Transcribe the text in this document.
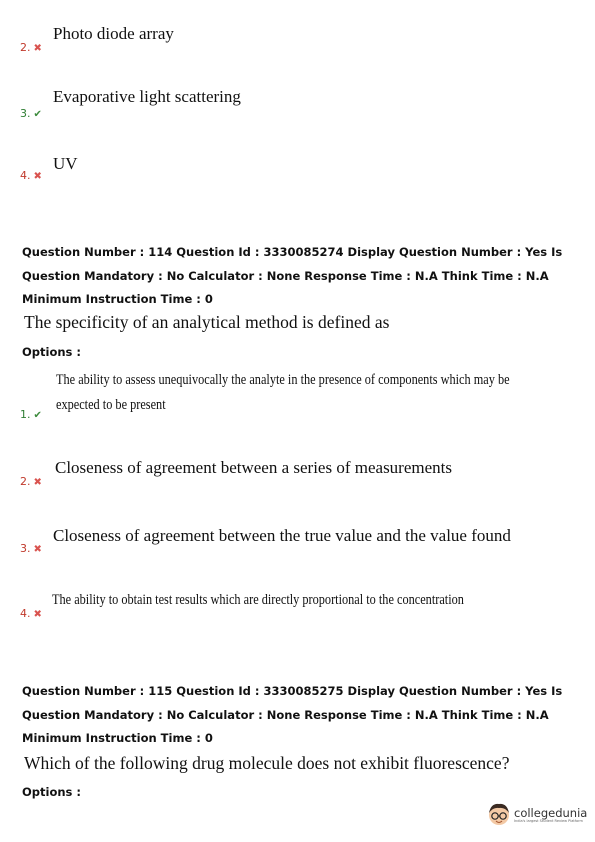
2. ✖
Photo diode array
3. ✔
Evaporative light scattering
4. ✖
UV
Question Number : 114 Question Id : 3330085274 Display Question Number : Yes Is Question Mandatory : No Calculator : None Response Time : N.A Think Time : N.A Minimum Instruction Time : 0
The specificity of an analytical method is defined as
Options :
The ability to assess unequivocally the analyte in the presence of components which may be
1. ✔
expected to be present
2. ✖
Closeness of agreement between a series of measurements
3. ✖
Closeness of agreement between the true value and the value found
4. ✖
The ability to obtain test results which are directly proportional to the concentration
Question Number : 115 Question Id : 3330085275 Display Question Number : Yes Is Question Mandatory : No Calculator : None Response Time : N.A Think Time : N.A Minimum Instruction Time : 0
Which of the following drug molecule does not exhibit fluorescence?
Options :
collegedunia
India's largest Student Review Platform
